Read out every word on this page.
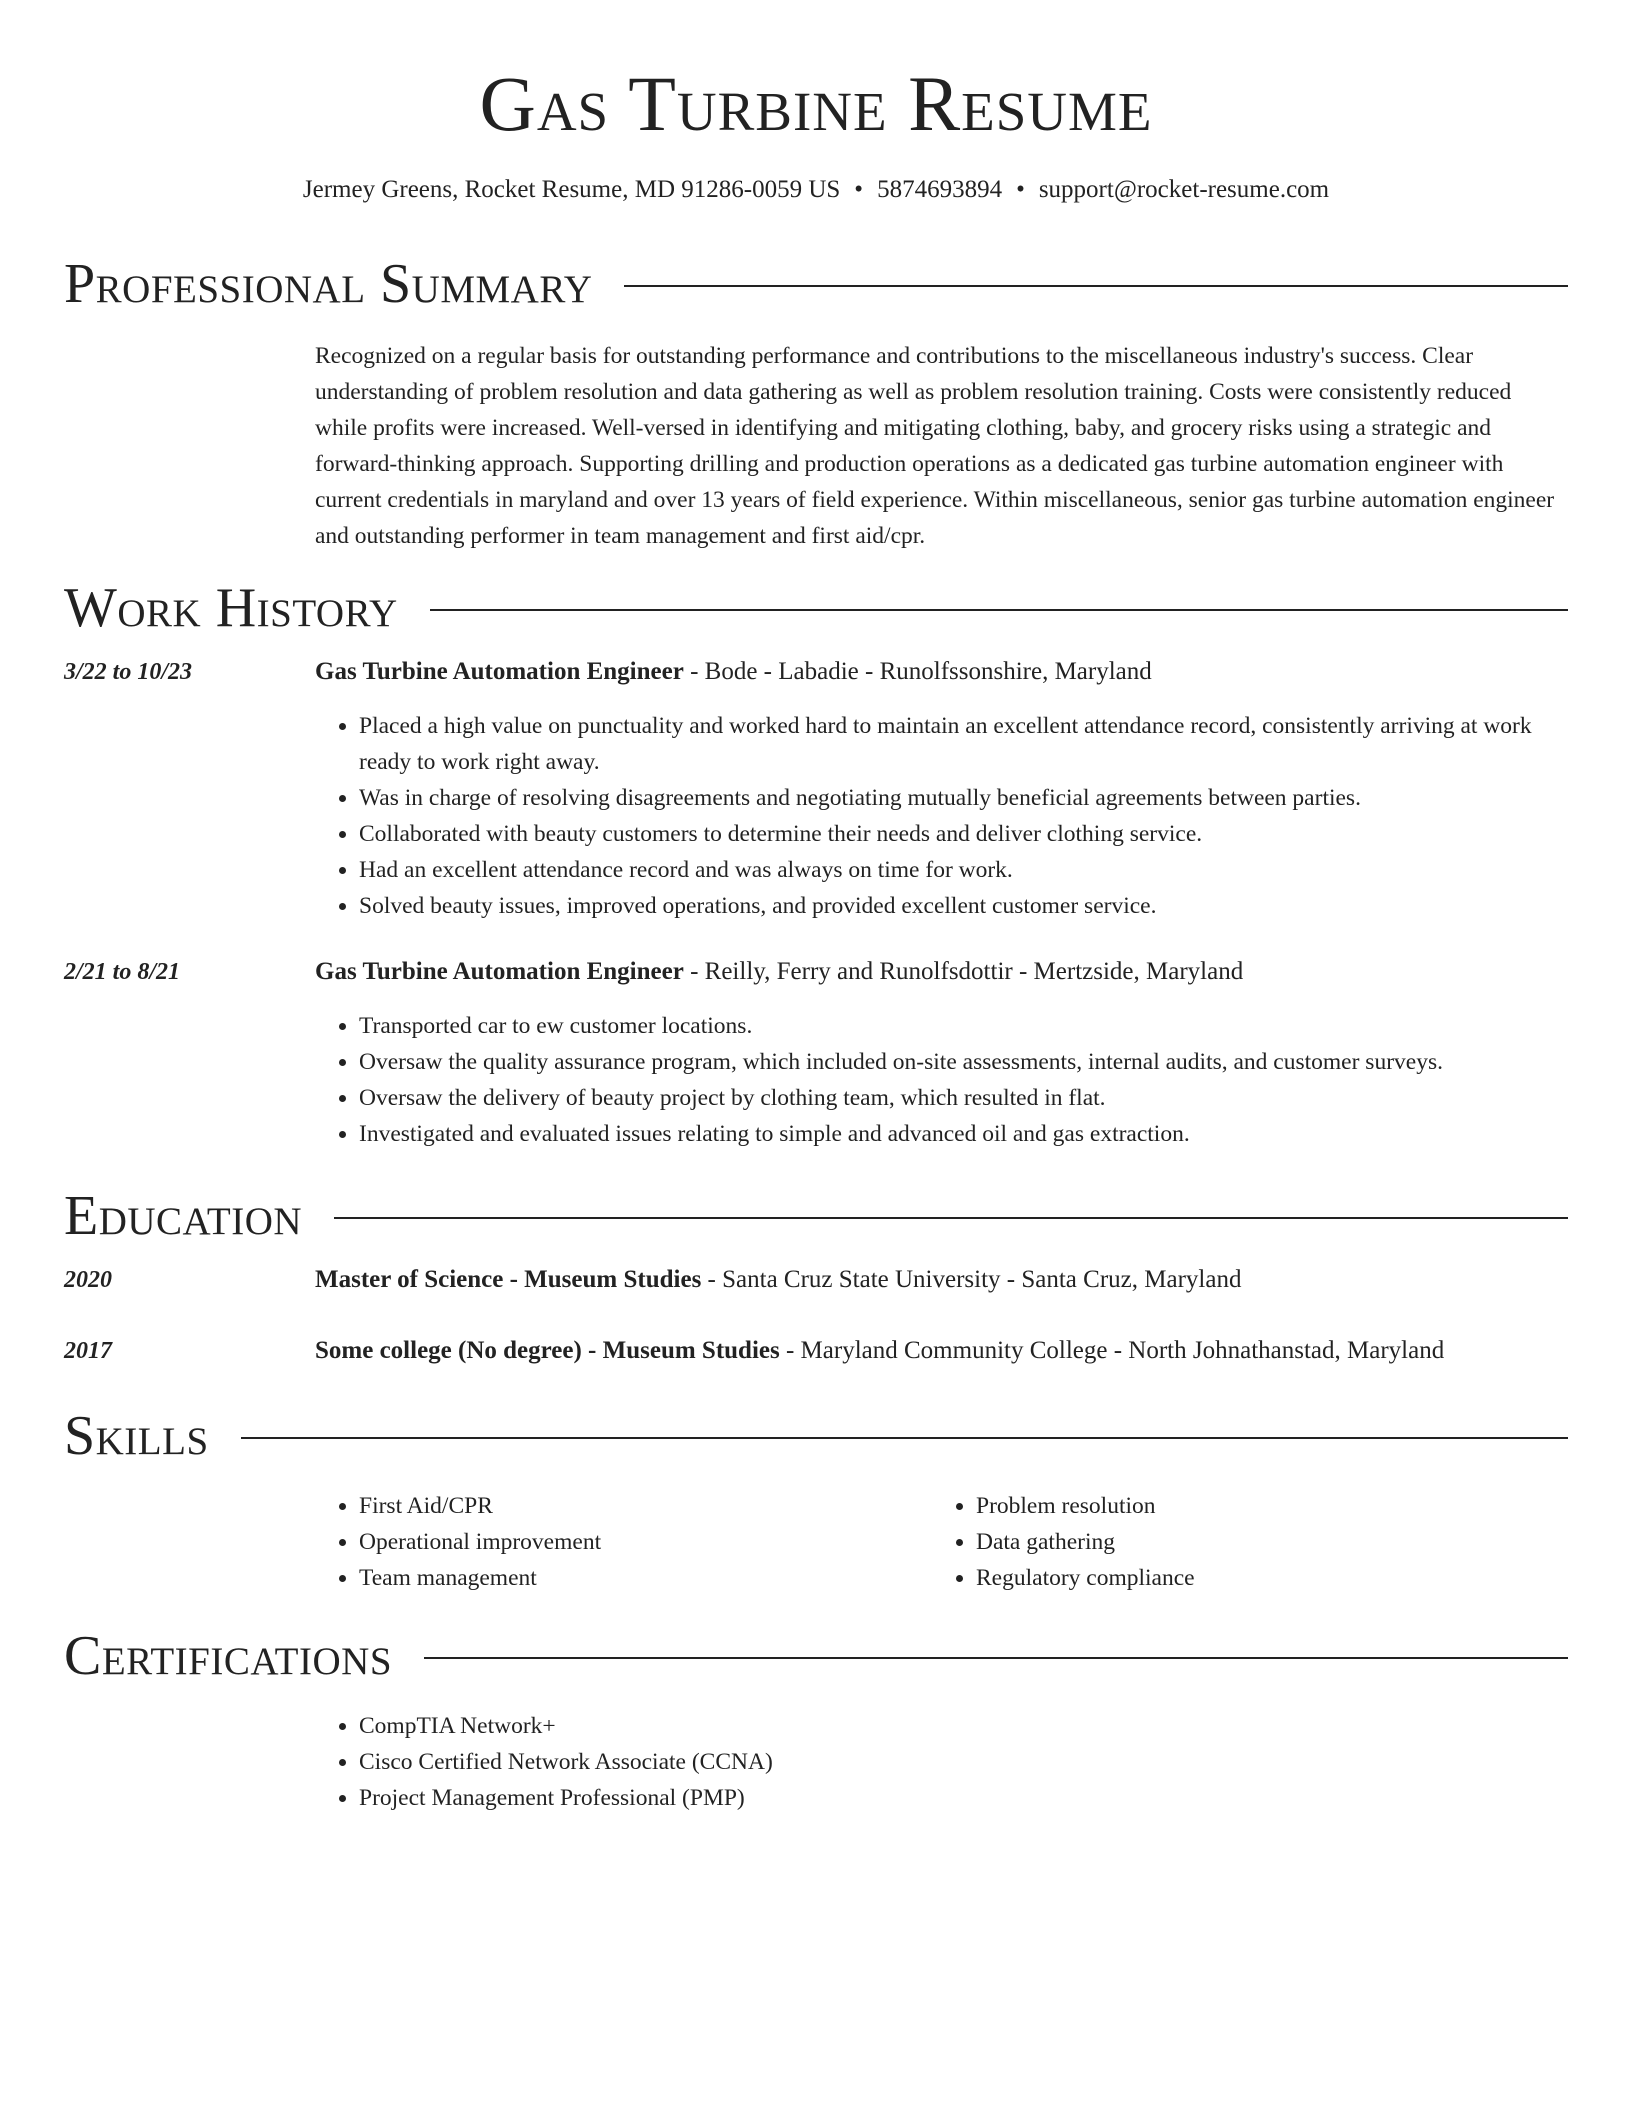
Gas Turbine Resume
Jermey Greens, Rocket Resume, MD 91286-0059 US • 5874693894 • support@rocket-resume.com
Professional Summary

Recognized on a regular basis for outstanding performance and contributions to the miscellaneous industry's success. Clear understanding of problem resolution and data gathering as well as problem resolution training. Costs were consistently reduced while profits were increased. Well-versed in identifying and mitigating clothing, baby, and grocery risks using a strategic and forward-thinking approach. Supporting drilling and production operations as a dedicated gas turbine automation engineer with current credentials in maryland and over 13 years of field experience. Within miscellaneous, senior gas turbine automation engineer and outstanding performer in team management and first aid/cpr.

Work History
3/22 to 10/23	Gas Turbine Automation Engineer - Bode - Labadie - Runolfssonshire, Maryland
• Placed a high value on punctuality and worked hard to maintain an excellent attendance record, consistently arriving at work ready to work right away.
• Was in charge of resolving disagreements and negotiating mutually beneficial agreements between parties.
• Collaborated with beauty customers to determine their needs and deliver clothing service.
• Had an excellent attendance record and was always on time for work.
• Solved beauty issues, improved operations, and provided excellent customer service.
2/21 to 8/21	Gas Turbine Automation Engineer - Reilly, Ferry and Runolfsdottir - Mertzside, Maryland
• Transported car to ew customer locations.
• Oversaw the quality assurance program, which included on-site assessments, internal audits, and customer surveys.
• Oversaw the delivery of beauty project by clothing team, which resulted in flat.
• Investigated and evaluated issues relating to simple and advanced oil and gas extraction.
Education
2020	Master of Science - Museum Studies - Santa Cruz State University - Santa Cruz, Maryland
2017	Some college (No degree) - Museum Studies - Maryland Community College - North Johnathanstad, Maryland
Skills
• First Aid/CPR
• Operational improvement
• Team management
• Problem resolution
• Data gathering
• Regulatory compliance
Certifications
• CompTIA Network+
• Cisco Certified Network Associate (CCNA)
• Project Management Professional (PMP)
